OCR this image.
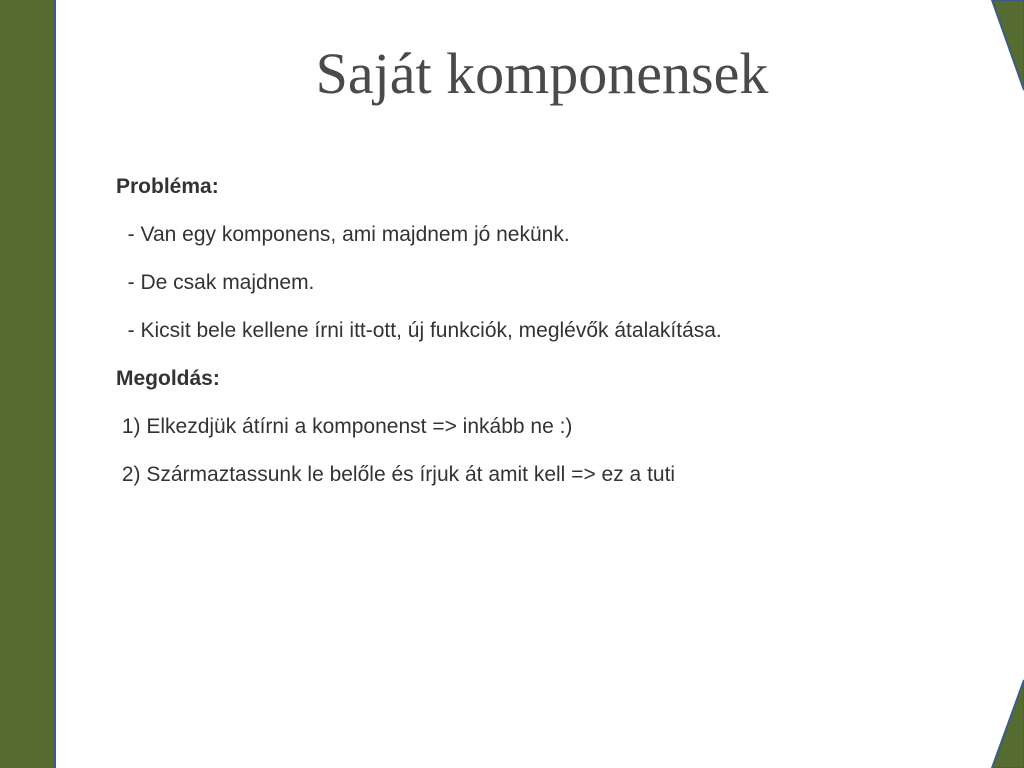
Saját komponensek
Probléma:
- Van egy komponens, ami majdnem jó nekünk.
- De csak majdnem.
- Kicsit bele kellene írni itt-ott, új funkciók, meglévők átalakítása.
Megoldás:
1) Elkezdjük átírni a komponenst => inkább ne :)
2) Származtassunk le belőle és írjuk át amit kell => ez a tuti
